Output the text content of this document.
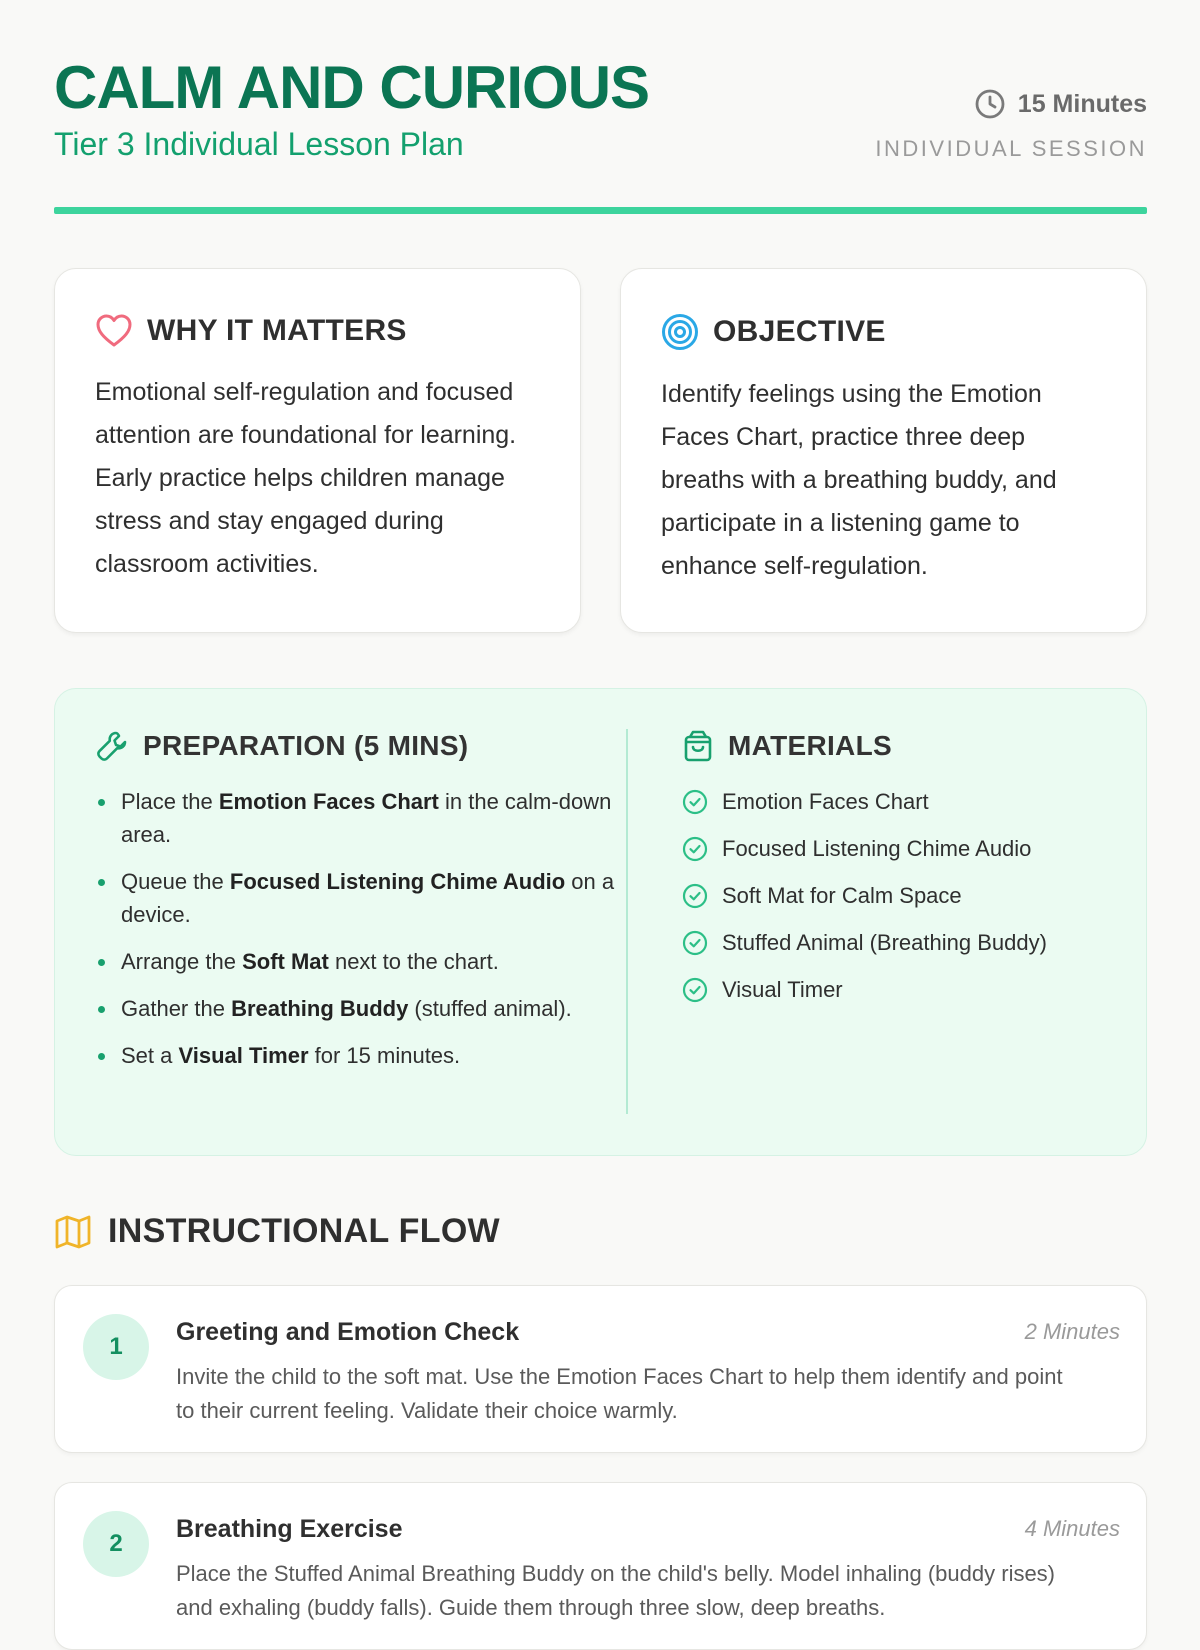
CALM AND CURIOUS
Tier 3 Individual Lesson Plan
15 Minutes
INDIVIDUAL SESSION
WHY IT MATTERS

Emotional self-regulation and focused attention are foundational for learning. Early practice helps children manage stress and stay engaged during classroom activities.

OBJECTIVE

Identify feelings using the Emotion Faces Chart, practice three deep breaths with a breathing buddy, and participate in a listening game to enhance self-regulation.

PREPARATION (5 MINS)
Place the Emotion Faces Chart in the calm-down area.
Queue the Focused Listening Chime Audio on a device.
Arrange the Soft Mat next to the chart.
Gather the Breathing Buddy (stuffed animal).
Set a Visual Timer for 15 minutes.
MATERIALS
Emotion Faces Chart
Focused Listening Chime Audio
Soft Mat for Calm Space
Stuffed Animal (Breathing Buddy)
Visual Timer
INSTRUCTIONAL FLOW
1
Greeting and Emotion Check	2 Minutes
Invite the child to the soft mat. Use the Emotion Faces Chart to help them identify and point to their current feeling. Validate their choice warmly.
2
Breathing Exercise	4 Minutes
Place the Stuffed Animal Breathing Buddy on the child's belly. Model inhaling (buddy rises) and exhaling (buddy falls). Guide them through three slow, deep breaths.
